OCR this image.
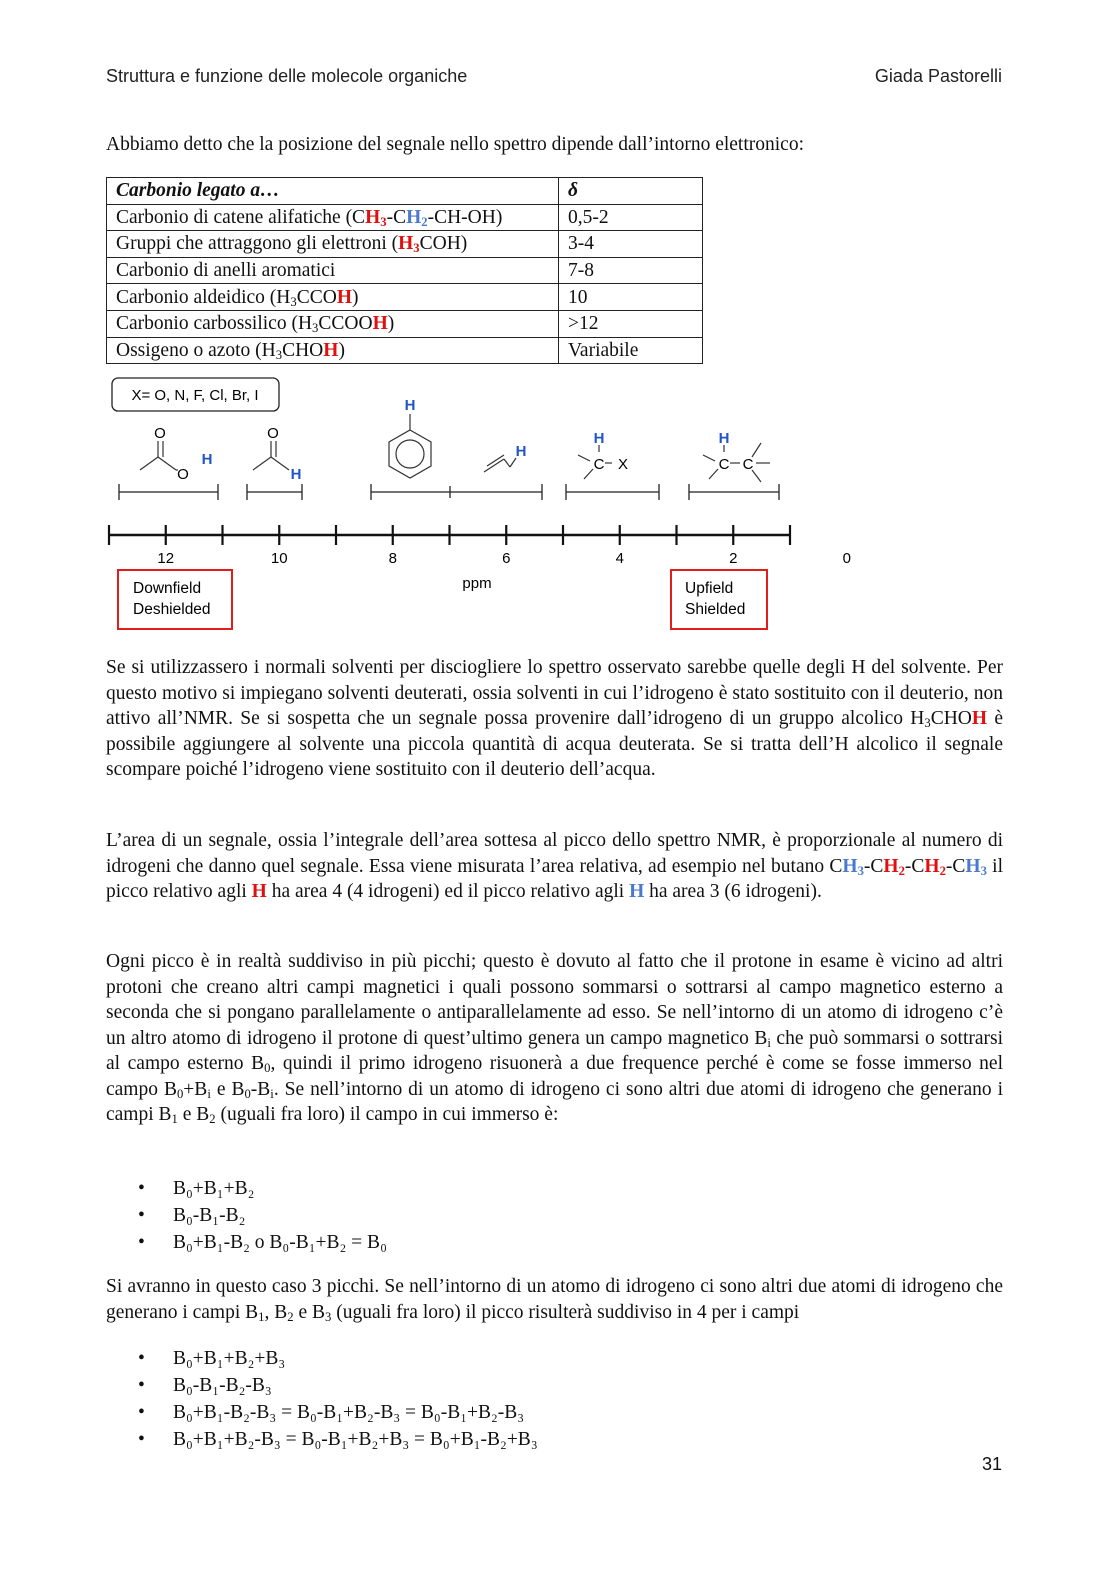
Struttura e funzione delle molecole organiche	Giada Pastorelli

Abbiamo detto che la posizione del segnale nello spettro dipende dall’intorno elettronico:

Carbonio legato a…	δ
Carbonio di catene alifatiche $(CH_3-CH_2-CH-OH)$	0,5-2
Gruppi che attraggono gli elettroni $(H_3COH)$	3-4
Carbonio di anelli aromatici	7-8
Carbonio aldeidico $(H_3CCOH)$	10
Carbonio carbossilico $(H_3CCOOH)$	>12
Ossigeno o azoto $(H_3CHOH)$	Variabile
X= O, N, F, Cl, Br, I
O
O
H
O
H
H
H
H
C X
H
C C
12	10	8	6	4	2	0
ppm
Downfield
Deshielded
Upfield
Shielded

Se si utilizzassero i normali solventi per disciogliere lo spettro osservato sarebbe quelle degli H del solvente. Per questo motivo si impiegano solventi deuterati, ossia solventi in cui l’idrogeno è stato sostituito con il deuterio, non attivo all’NMR. Se si sospetta che un segnale possa provenire dall’idrogeno di un gruppo alcolico $H_3CHOH$ è possibile aggiungere al solvente una piccola quantità di acqua deuterata. Se si tratta dell’H alcolico il segnale scompare poiché l’idrogeno viene sostituito con il deuterio dell’acqua.

L’area di un segnale, ossia l’integrale dell’area sottesa al picco dello spettro NMR, è proporzionale al numero di idrogeni che danno quel segnale. Essa viene misurata l’area relativa, ad esempio nel butano $CH_3-CH_2-CH_2-CH_3$ il picco relativo agli H ha area 4 (4 idrogeni) ed il picco relativo agli H ha area 3 (6 idrogeni).

Ogni picco è in realtà suddiviso in più picchi; questo è dovuto al fatto che il protone in esame è vicino ad altri protoni che creano altri campi magnetici i quali possono sommarsi o sottrarsi al campo magnetico esterno a seconda che si pongano parallelamente o antiparallelamente ad esso. Se nell’intorno di un atomo di idrogeno c’è un altro atomo di idrogeno il protone di quest’ultimo genera un campo magnetico $B_i$ che può sommarsi o sottrarsi al campo esterno $B_0$, quindi il primo idrogeno risuonerà a due frequence perché è come se fosse immerso nel campo $B_0+B_i$ e $B_0-B_i$. Se nell’intorno di un atomo di idrogeno ci sono altri due atomi di idrogeno che generano i campi $B_1$ e $B_2$ (uguali fra loro) il campo in cui immerso è:

• B₀+B₁+B₂
• B₀-B₁-B₂
• B₀+B₁-B₂ o B₀-B₁+B₂ = B₀

Si avranno in questo caso 3 picchi. Se nell’intorno di un atomo di idrogeno ci sono altri due atomi di idrogeno che generano i campi $B_1$, $B_2$ e $B_3$ (uguali fra loro) il picco risulterà suddiviso in 4 per i campi

• B₀+B₁+B₂+B₃
• B₀-B₁-B₂-B₃
• B₀+B₁-B₂-B₃ = B₀-B₁+B₂-B₃ = B₀-B₁+B₂-B₃
• B₀+B₁+B₂-B₃ = B₀-B₁+B₂+B₃ = B₀+B₁-B₂+B₃
31
